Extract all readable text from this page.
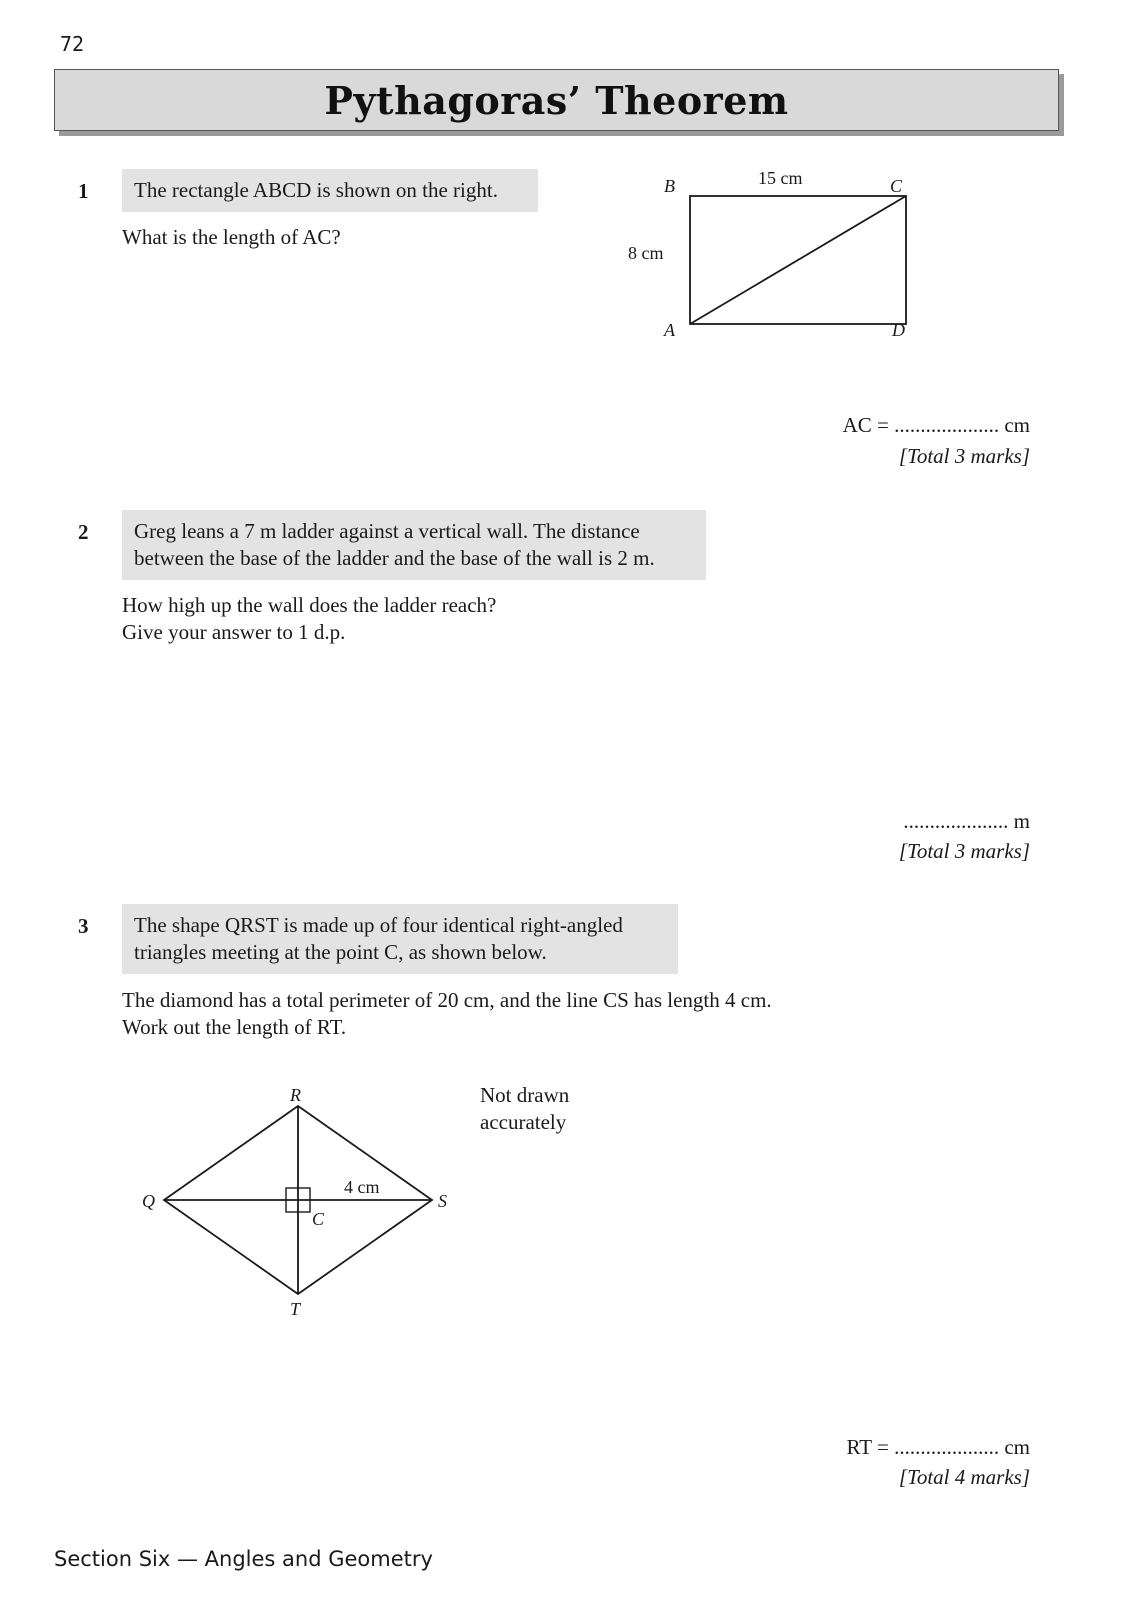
72
Pythagoras’ Theorem
1	The rectangle ABCD is shown on the right.
What is the length of AC?
B	C
A	D
15 cm
8 cm
AC = .................... cm
[Total 3 marks]
2 Greg leans a 7 m ladder against a vertical wall. The distance
between the base of the ladder and the base of the wall is 2 m.
How high up the wall does the ladder reach?
Give your answer to 1 d.p.
.................... m
[Total 3 marks]
3 The shape QRST is made up of four identical right-angled
triangles meeting at the point C, as shown below.
The diamond has a total perimeter of 20 cm, and the line CS has length 4 cm.
Work out the length of RT.
R
Q	S
T
C
4 cm
Not drawn
accurately
RT = .................... cm
[Total 4 marks]
Section Six — Angles and Geometry
